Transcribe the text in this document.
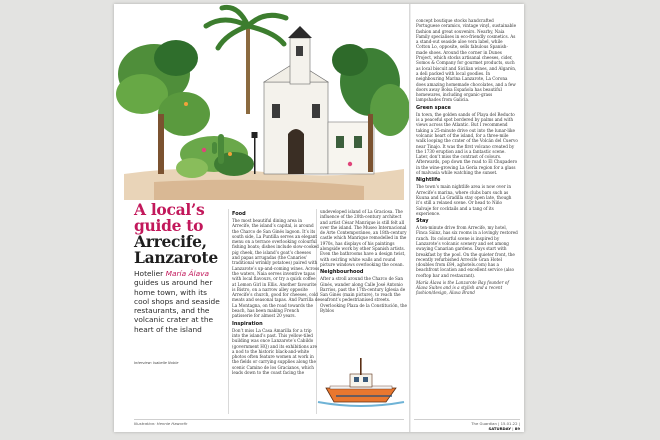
A local’s
guide to
Arrecife,
Lanzarote
Hotelier María Álava guides us around her home town, with its cool shops and seaside restaurants, and the volcanic crater at the heart of the island
Interview: Isabelle Noble
Food

The most beautiful dining area in Arrecife, the island’s capital, is around the Charco de San Ginés lagoon. It’s its south side, La Puntilla serves an elegant menu on a terrace overlooking colourful fishing boats; dishes include slow-cooked pig cheek, the island’s goat’s cheeses and papas arrugadas (the Canaries’ traditional wrinkly potatoes) paired with Lanzarote’s up-and-coming wines. Across the waters, Naia serves inventive tapas with local flavours, or try a quick coffee at Lemon Girl in Ellis. Another favourite is Bistro, on a narrow alley opposite Arrecife’s church, good for cheeses, cold meats and seasonal tapas. And Parrilla de La Montagna, on the road towards the beach, has been making French patisserie for almost 20 years.

Inspiration

Don’t miss La Casa Amarilla for a trip into the island’s past. This yellow-tiled building was once Lanzarote’s Cabildo (government HQ) and its exhibitions are a nod to the historic black-and-white photos often feature women at work in the fields or carrying supplies along the scenic Camino de los Gracianos, which leads down to the coast facing the

undeveloped island of La Graciosa. The influence of the 20th-century architect and artist César Manrique is still felt all over the island. The Museo Internacional de Arte Contemporáneo, an 18th-century castle which Manrique remodelled in the 1970s, has displays of his paintings alongside work by other Spanish artists. Even the bathrooms have a design twist, with swirling white walls and round picture windows overlooking the ocean.

Neighbourhood

After a stroll around the Charco de San Ginés, wander along Calle José Antonio Barrios, past the 17th-century Iglesia de San Ginés (main picture), to reach the seafront’s pedestrianised streets. Overlooking Plaza de la Constitución, the Byblos

Illustration: Hennie Haworth

concept boutique stocks handcrafted Portuguese ceramics, vintage vinyl, sustainable fashion and great souvenirs. Nearby, Naia Family specialises in eco-friendly cosmetics. As a stand-out seaside aloe vera label, while Cotton Lo, opposite, sells fabulous Spanish-made shoes. Around the corner in Dunes Project, which stocks artisanal cheeses, cider, Somos & Company for gourmet products, such as local biscuit and Sicilian wines, and Algarón, a deli packed with local goodies. In neighbouring Marina Lanzarote, La Corona does amazing homemade chocolates, and a few doors away Bolsa Española has beautiful homewares, including organic-grass lampshades from Galicia.

Green space

In town, the golden sands of Playa del Reducto is a peaceful spot bordered by palms and with views across the Atlantic. But I recommend taking a 25-minute drive out into the lunar-like volcanic heart of the island, for a three-mile walk looping the crater of the Volcán del Cuervo near Tinajo. It was the first volcano created by the 1730 eruption and is a fantastic scene. Later, don’t miss the contrast of colours. Afterwards, pop down the road to El Chupadero in the wine-growing La Geria region for a glass of malvasía while watching the sunset.

Nightlife

The town’s main nightlife area is now over in Arrecife’s marina, where clubs bars such as Kuuna and La Gradilla stay open late, though it’s still a relaxed scene. Or head to Niño Salvaje for cocktails and a tang of its experience.

Stay

A ten-minute drive from Arrecife, my hotel, Finca Sáinz, has six rooms in a lovingly restored ranch. Its colourful scene is inspired by Lanzarote’s volcanic scenery and set among swaying Canarian gardens. Days start with breakfast by the pool. On the quieter front, the recently refurbished Arrecife Gran Hotel (doubles from £84, aghotels.com) has a beachfront location and excellent service (also rooftop bar and restaurant).

María Álava is the Lanzarote Bay founder of Álava Suites and is a stylish and a recent fashion/design, Álava Brand

The Guardian | 15.01.22 | SATURDAY | 89
